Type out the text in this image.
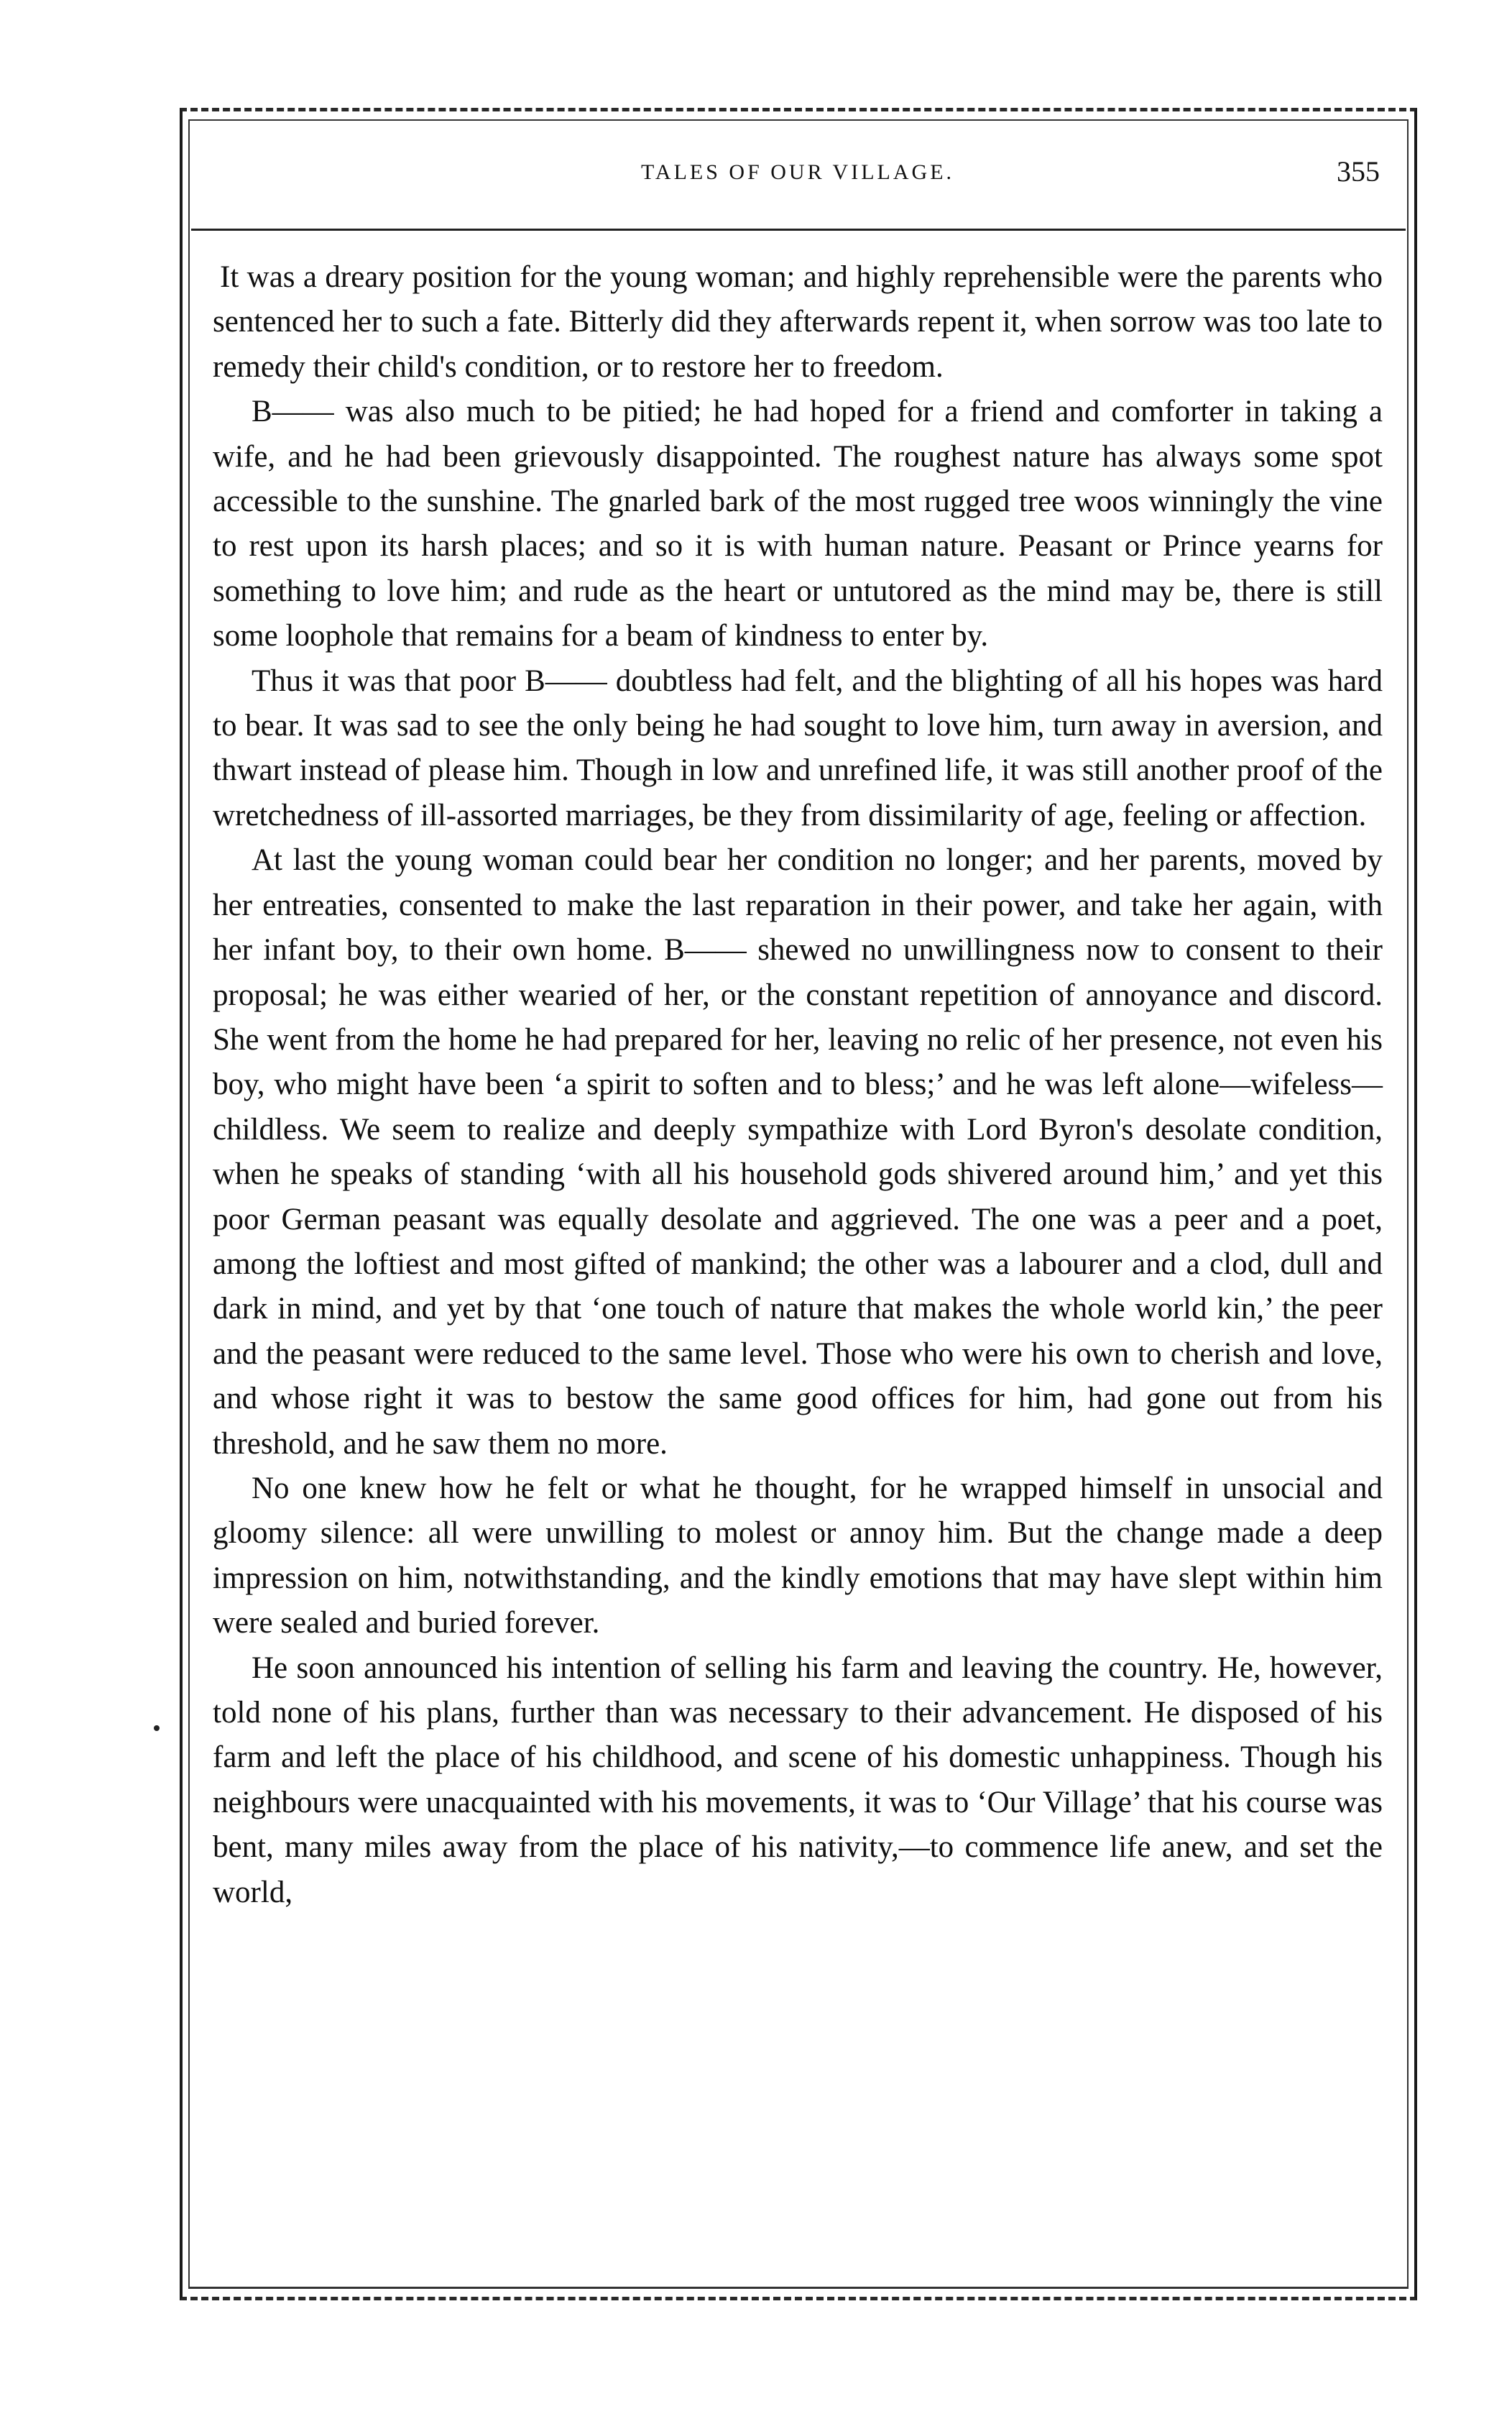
TALES OF OUR VILLAGE.	355

It was a dreary position for the young woman; and highly reprehensible were the parents who sentenced her to such a fate. Bitterly did they afterwards repent it, when sorrow was too late to remedy their child's condition, or to restore her to freedom.

B—— was also much to be pitied; he had hoped for a friend and comforter in taking a wife, and he had been grievously disappointed. The roughest nature has always some spot accessible to the sunshine. The gnarled bark of the most rugged tree woos winningly the vine to rest upon its harsh places; and so it is with human nature. Peasant or Prince yearns for something to love him; and rude as the heart or untutored as the mind may be, there is still some loophole that remains for a beam of kindness to enter by.

Thus it was that poor B—— doubtless had felt, and the blighting of all his hopes was hard to bear. It was sad to see the only being he had sought to love him, turn away in aversion, and thwart instead of please him. Though in low and unrefined life, it was still another proof of the wretchedness of ill-assorted marriages, be they from dissimilarity of age, feeling or affection.

At last the young woman could bear her condition no longer; and her parents, moved by her entreaties, consented to make the last reparation in their power, and take her again, with her infant boy, to their own home. B—— shewed no unwillingness now to consent to their proposal; he was either wearied of her, or the constant repetition of annoyance and discord. She went from the home he had prepared for her, leaving no relic of her presence, not even his boy, who might have been ‘a spirit to soften and to bless;’ and he was left alone—wifeless—childless. We seem to realize and deeply sympathize with Lord Byron's desolate condition, when he speaks of standing ‘with all his household gods shivered around him,’ and yet this poor German peasant was equally desolate and aggrieved. The one was a peer and a poet, among the loftiest and most gifted of mankind; the other was a labourer and a clod, dull and dark in mind, and yet by that ‘one touch of nature that makes the whole world kin,’ the peer and the peasant were reduced to the same level. Those who were his own to cherish and love, and whose right it was to bestow the same good offices for him, had gone out from his threshold, and he saw them no more.

No one knew how he felt or what he thought, for he wrapped himself in unsocial and gloomy silence: all were unwilling to molest or annoy him. But the change made a deep impression on him, notwithstanding, and the kindly emotions that may have slept within him were sealed and buried forever.

He soon announced his intention of selling his farm and leaving the country. He, however, told none of his plans, further than was necessary to their advancement. He disposed of his farm and left the place of his childhood, and scene of his domestic unhappiness. Though his neighbours were unacquainted with his movements, it was to ‘Our Village’ that his course was bent, many miles away from the place of his nativity,—to commence life anew, and set the world,
